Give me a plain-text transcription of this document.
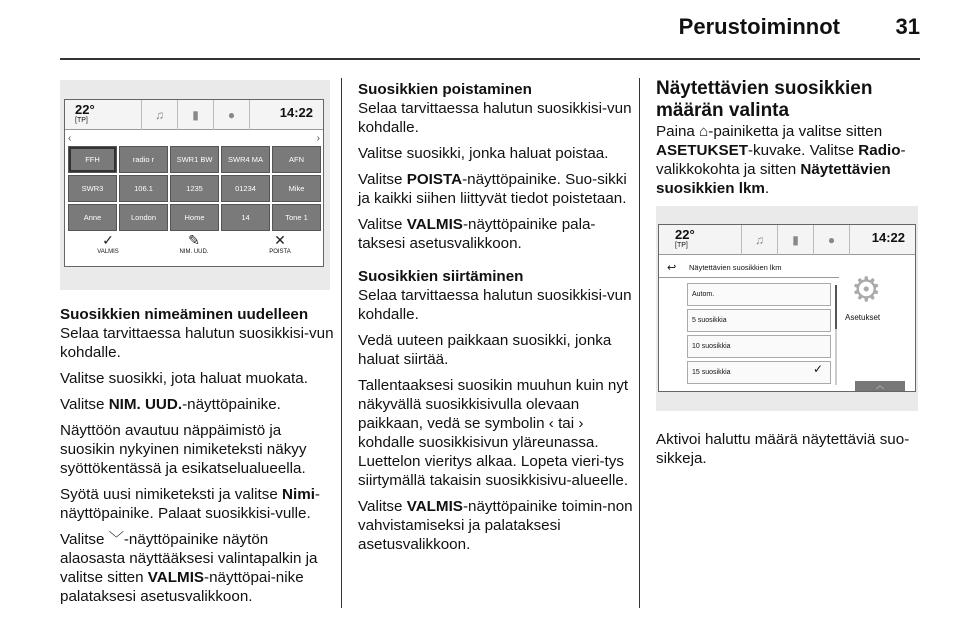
Perustoiminnot	31
22°
[TP]	♫	▮	●	14:22
‹	›
FFH	radio r	SWR1 BW	SWR4 MA	AFN
SWR3	106.1	1235	01234	Mike
Anne	London	Home	14	Tone 1
✓
VALMIS
✎
NIM. UUD.
✕
POISTA
Suosikkien nimeäminen uudelleen

Selaa tarvittaessa halutun suosikkisi-vun kohdalle.

Valitse suosikki, jota haluat muokata.

Valitse NIM. UUD.-näyttöpainike.

Näyttöön avautuu näppäimistö ja suosikin nykyinen nimiketeksti näkyy syöttökentässä ja esikatselualueella.

Syötä uusi nimiketeksti ja valitse Nimi-näyttöpainike. Palaat suosikkisi-vulle.

Valitse ﹀-näyttöpainike näytön alaosasta näyttääksesi valintapalkin ja valitse sitten VALMIS-näyttöpai-nike palataksesi asetusvalikkoon.

Suosikkien poistaminen

Selaa tarvittaessa halutun suosikkisi-vun kohdalle.

Valitse suosikki, jonka haluat poistaa.

Valitse POISTA-näyttöpainike. Suo-sikki ja kaikki siihen liittyvät tiedot poistetaan.

Valitse VALMIS-näyttöpainike pala-taksesi asetusvalikkoon.

Suosikkien siirtäminen

Selaa tarvittaessa halutun suosikkisi-vun kohdalle.

Vedä uuteen paikkaan suosikki, jonka haluat siirtää.

Tallentaaksesi suosikin muuhun kuin nyt näkyvällä suosikkisivulla olevaan paikkaan, vedä se symbolin ‹ tai › kohdalle suosikkisivun yläreunassa. Luettelon vieritys alkaa. Lopeta vieri-tys siirtymällä takaisin suosikkisivu-alueelle.

Valitse VALMIS-näyttöpainike toimin-non vahvistamiseksi ja palataksesi asetusvalikkoon.

Näytettävien suosikkien määrän valinta

Paina ⌂-painiketta ja valitse sitten ASETUKSET-kuvake. Valitse Radio-valikkokohta ja sitten Näytettävien suosikkien lkm.

22°
[TP]	♫	▮	●	14:22
↩ Näytettävien suosikkien lkm
Autom.
5 suosikkia
10 suosikkia
15 suosikkia	✓
⚙
Asetukset
︿

Aktivoi haluttu määrä näytettäviä suo-sikkeja.
